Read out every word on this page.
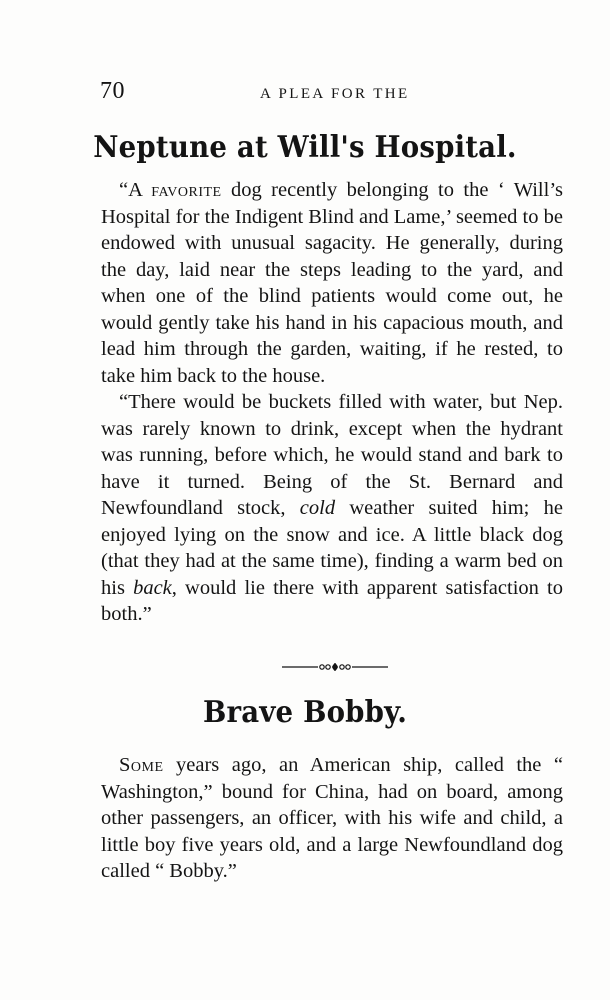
70	A PLEA FOR THE
Neptune at Will's Hospital.

“A favorite dog recently belonging to the ‘ Will’s Hospital for the Indigent Blind and Lame,’ seemed to be endowed with unusual sagacity. He generally, during the day, laid near the steps leading to the yard, and when one of the blind patients would come out, he would gently take his hand in his capacious mouth, and lead him through the garden, waiting, if he rested, to take him back to the house.

“There would be buckets filled with water, but Nep. was rarely known to drink, except when the hydrant was running, before which, he would stand and bark to have it turned. Being of the St. Bernard and Newfoundland stock, cold weather suited him; he enjoyed lying on the snow and ice. A little black dog (that they had at the same time), finding a warm bed on his back, would lie there with apparent satisfaction to both.”

Brave Bobby.

Some years ago, an American ship, called the “ Washington,” bound for China, had on board, among other passengers, an officer, with his wife and child, a little boy five years old, and a large Newfoundland dog called “ Bobby.”
